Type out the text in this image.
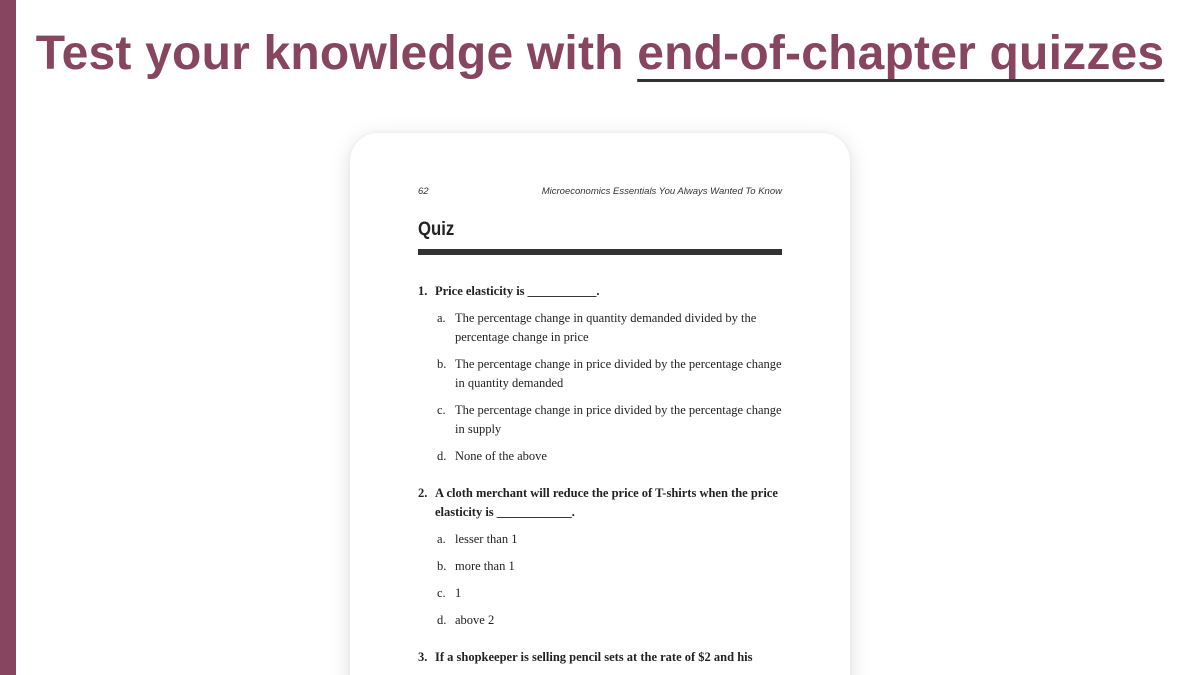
Test your knowledge with end-of-chapter quizzes
62	Microeconomics Essentials You Always Wanted To Know
Quiz
1. Price elasticity is ___________.
a. The percentage change in quantity demanded divided by the percentage change in price
b. The percentage change in price divided by the percentage change in quantity demanded
c. The percentage change in price divided by the percentage change in supply
d. None of the above
2. A cloth merchant will reduce the price of T-shirts when the price elasticity is ____________.
a. lesser than 1
b. more than 1
c. 1
d. above 2
3. If a shopkeeper is selling pencil sets at the rate of $2 and his
